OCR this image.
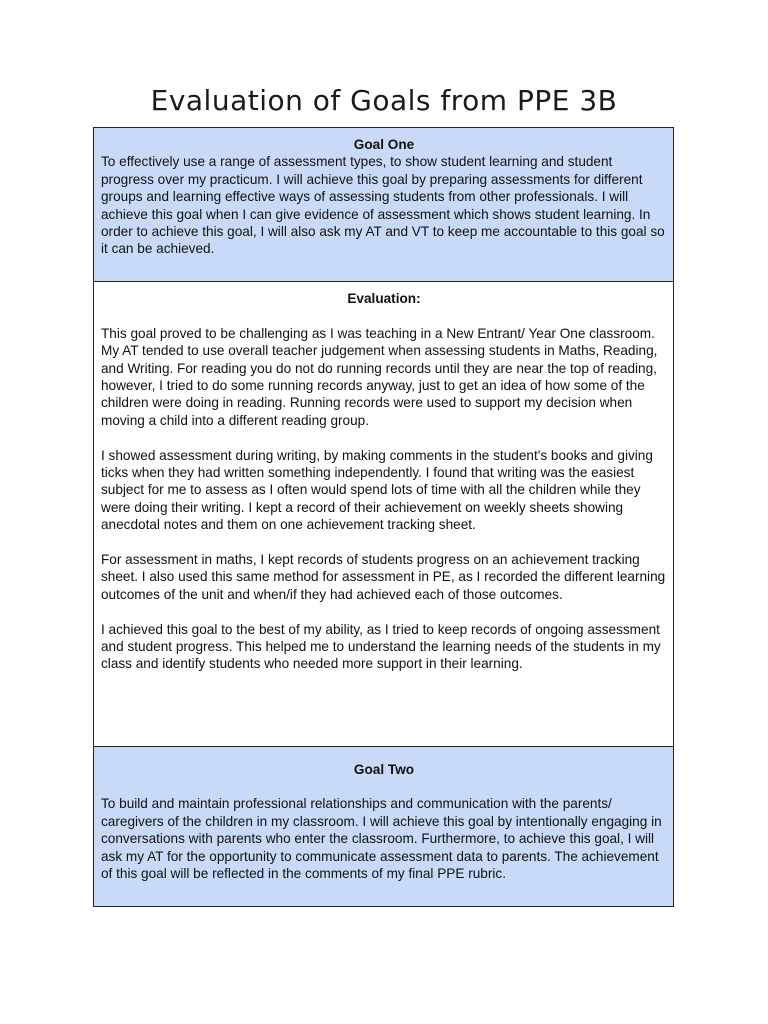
Evaluation of Goals from PPE 3B

Goal One

To effectively use a range of assessment types, to show student learning and student progress over my practicum. I will achieve this goal by preparing assessments for different groups and learning effective ways of assessing students from other professionals. I will achieve this goal when I can give evidence of assessment which shows student learning. In order to achieve this goal, I will also ask my AT and VT to keep me accountable to this goal so it can be achieved.

Evaluation:

This goal proved to be challenging as I was teaching in a New Entrant/ Year One classroom. My AT tended to use overall teacher judgement when assessing students in Maths, Reading, and Writing. For reading you do not do running records until they are near the top of reading, however, I tried to do some running records anyway, just to get an idea of how some of the children were doing in reading. Running records were used to support my decision when moving a child into a different reading group.

I showed assessment during writing, by making comments in the student's books and giving ticks when they had written something independently. I found that writing was the easiest subject for me to assess as I often would spend lots of time with all the children while they were doing their writing. I kept a record of their achievement on weekly sheets showing anecdotal notes and them on one achievement tracking sheet.

For assessment in maths, I kept records of students progress on an achievement tracking sheet. I also used this same method for assessment in PE, as I recorded the different learning outcomes of the unit and when/if they had achieved each of those outcomes.

I achieved this goal to the best of my ability, as I tried to keep records of ongoing assessment and student progress. This helped me to understand the learning needs of the students in my class and identify students who needed more support in their learning.

Goal Two

To build and maintain professional relationships and communication with the parents/ caregivers of the children in my classroom. I will achieve this goal by intentionally engaging in conversations with parents who enter the classroom. Furthermore, to achieve this goal, I will ask my AT for the opportunity to communicate assessment data to parents. The achievement of this goal will be reflected in the comments of my final PPE rubric.
